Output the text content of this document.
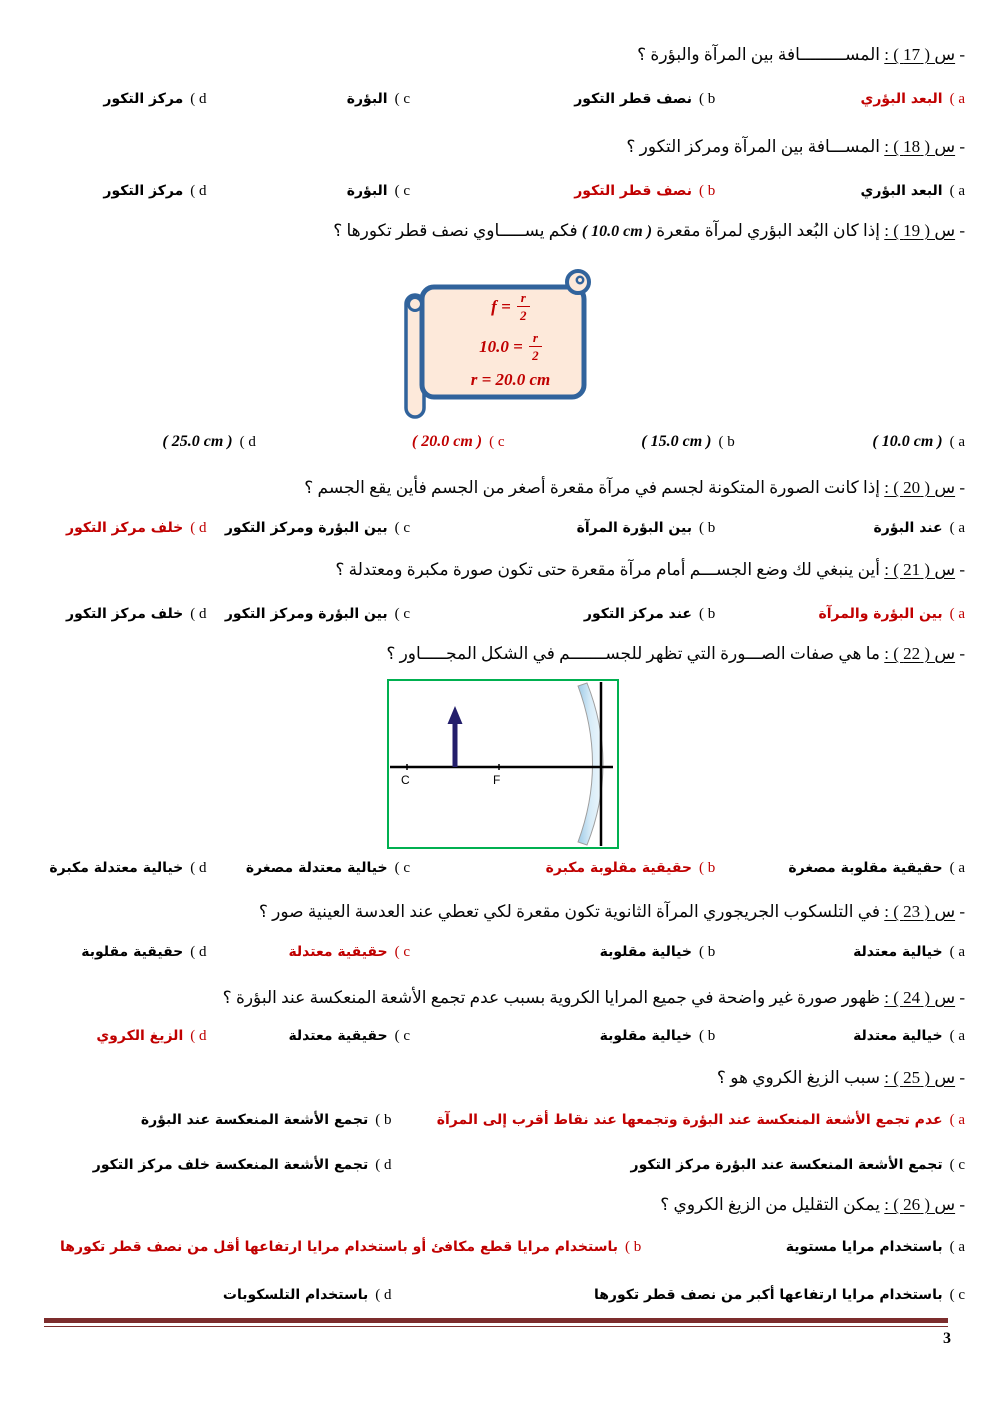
- س ( 17 ) : المســـــــــافة بين المرآة والبؤرة ؟
( a
البعد البؤري
( b
نصف قطر التكور
( c
البؤرة
( d
مركز التكور
- س ( 18 ) : المســـافة بين المرآة ومركز التكور ؟
( a
البعد البؤري
( b
نصف قطر التكور
( c
البؤرة
( d
مركز التكور
- س ( 19 ) : إذا كان البُعد البؤري لمرآة مقعرة ( 10.0 cm ) فكم يســـــاوي نصف قطر تكورها ؟
$f = \frac{r}{2}$
$10.0 = \frac{r}{2}$
r = 20.0 cm
( a
( 10.0 cm )
( b
( 15.0 cm )
( c
( 20.0 cm )
( d
( 25.0 cm )
- س ( 20 ) : إذا كانت الصورة المتكونة لجسم في مرآة مقعرة أصغر من الجسم فأين يقع الجسم ؟
( a
عند البؤرة
( b
بين البؤرة المرآة
( c
بين البؤرة ومركز التكور
( d
خلف مركز التكور
- س ( 21 ) : أين ينبغي لك وضع الجســـم أمام مرآة مقعرة حتى تكون صورة مكبرة ومعتدلة ؟
( a
بين البؤرة والمرآة
( b
عند مركز التكور
( c
بين البؤرة ومركز التكور
( d
خلف مركز التكور
- س ( 22 ) : ما هي صفات الصـــورة التي تظهر للجســـــــم في الشكل المجـــــاور ؟
C	F
( a
حقيقية مقلوبة مصغرة
( b
حقيقية مقلوبة مكبرة
( c
خيالية معتدلة مصغرة
( d
خيالية معتدلة مكبرة
- س ( 23 ) : في التلسكوب الجريجوري المرآة الثانوية تكون مقعرة لكي تعطي عند العدسة العينية صور ؟
( a
خيالية معتدلة
( b
خيالية مقلوبة
( c
حقيقية معتدلة
( d
حقيقية مقلوبة
- س ( 24 ) : ظهور صورة غير واضحة في جميع المرايا الكروية بسبب عدم تجمع الأشعة المنعكسة عند البؤرة ؟
( a
خيالية معتدلة
( b
خيالية مقلوبة
( c
حقيقية معتدلة
( d
الزيغ الكروي
- س ( 25 ) : سبب الزيغ الكروي هو ؟
( a
عدم تجمع الأشعة المنعكسة عند البؤرة وتجمعها عند نقاط أقرب إلى المرآة
( b
تجمع الأشعة المنعكسة عند البؤرة
( c
تجمع الأشعة المنعكسة عند البؤرة مركز التكور
( d
تجمع الأشعة المنعكسة خلف مركز التكور
- س ( 26 ) : يمكن التقليل من الزيغ الكروي ؟
( a
باستخدام مرايا مستوية
( b
باستخدام مرايا قطع مكافئ أو باستخدام مرايا ارتفاعها أقل من نصف قطر تكورها
( c
باستخدام مرايا ارتفاعها أكبر من نصف قطر تكورها
( d
باستخدام التلسكوبات
3
